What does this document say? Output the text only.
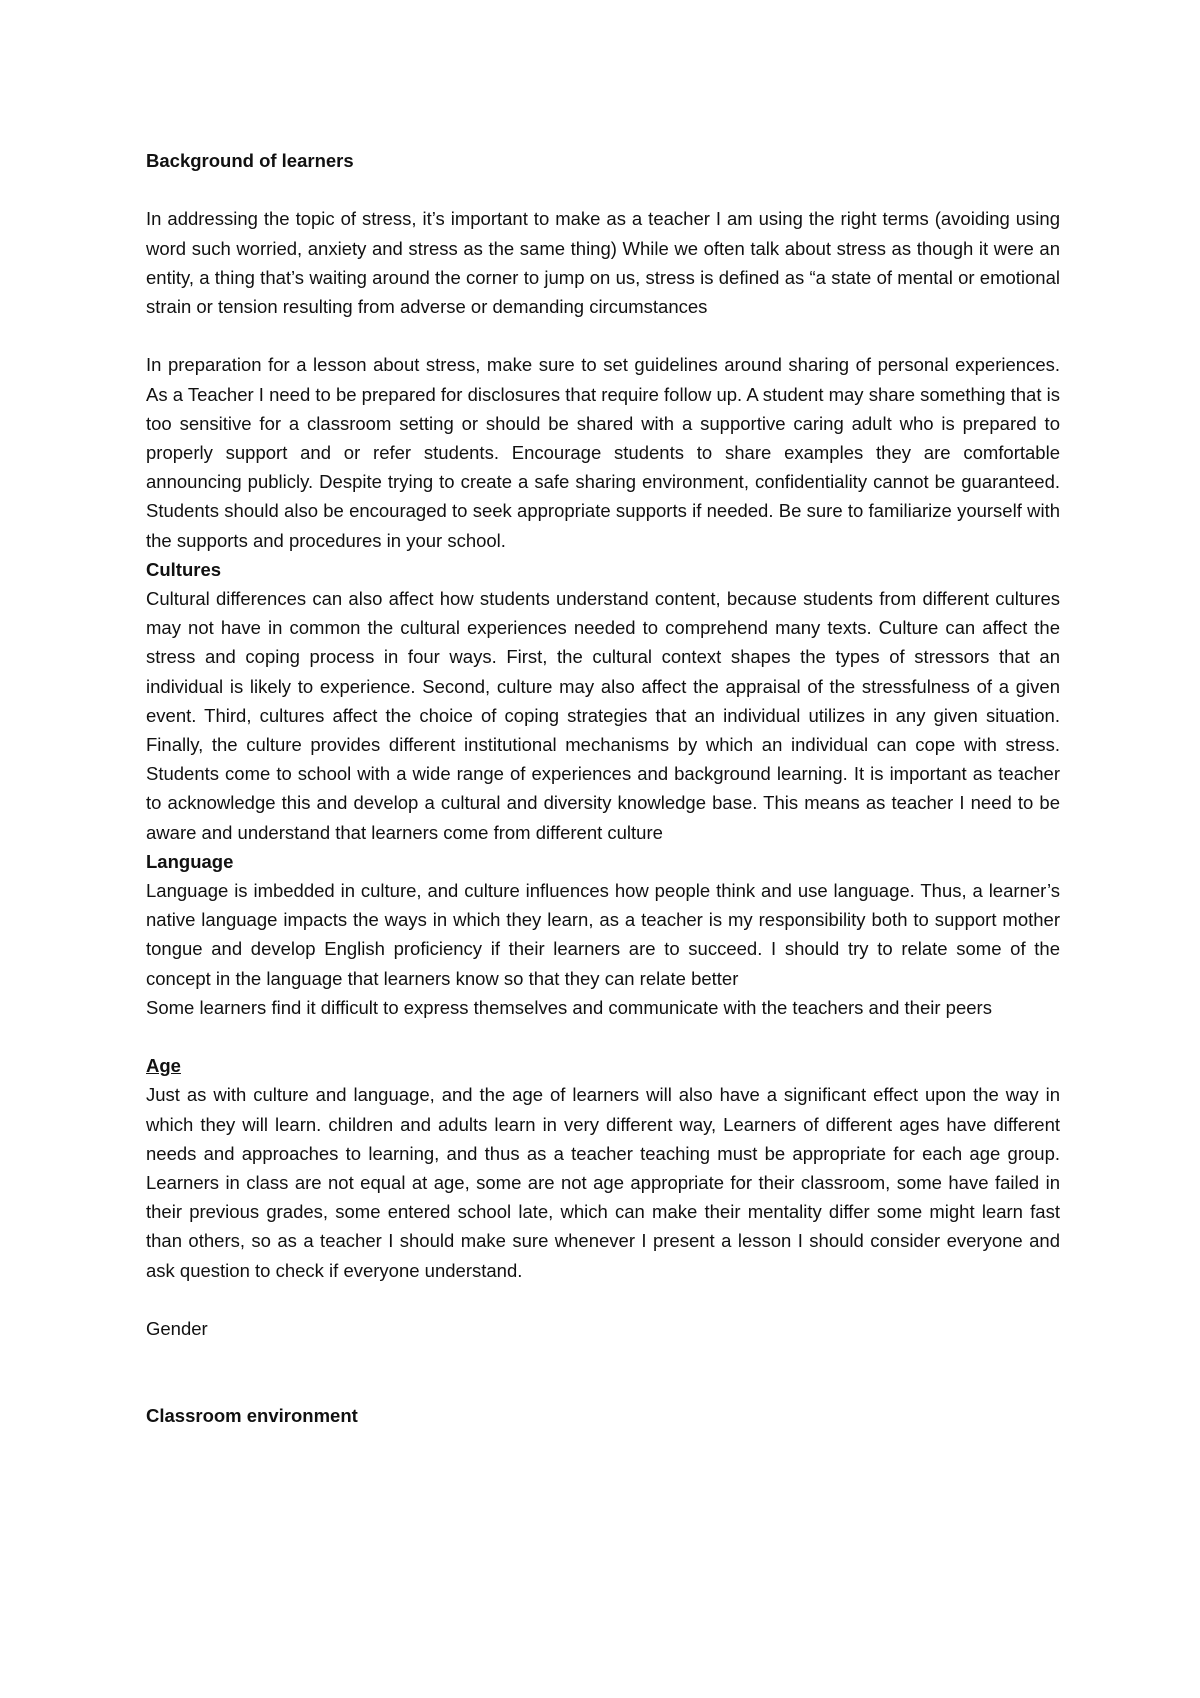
Background of learners

In addressing the topic of stress, it’s important to make as a teacher I am using the right terms (avoiding using word such worried, anxiety and stress as the same thing) While we often talk about stress as though it were an entity, a thing that’s waiting around the corner to jump on us, stress is defined as “a state of mental or emotional strain or tension resulting from adverse or demanding circumstances

In preparation for a lesson about stress, make sure to set guidelines around sharing of personal experiences. As a Teacher I need to be prepared for disclosures that require follow up. A student may share something that is too sensitive for a classroom setting or should be shared with a supportive caring adult who is prepared to properly support and or refer students. Encourage students to share examples they are comfortable announcing publicly. Despite trying to create a safe sharing environment, confidentiality cannot be guaranteed. Students should also be encouraged to seek appropriate supports if needed. Be sure to familiarize yourself with the supports and procedures in your school.

Cultures

Cultural differences can also affect how students understand content, because students from different cultures may not have in common the cultural experiences needed to comprehend many texts. Culture can affect the stress and coping process in four ways. First, the cultural context shapes the types of stressors that an individual is likely to experience. Second, culture may also affect the appraisal of the stressfulness of a given event. Third, cultures affect the choice of coping strategies that an individual utilizes in any given situation. Finally, the culture provides different institutional mechanisms by which an individual can cope with stress. Students come to school with a wide range of experiences and background learning. It is important as teacher to acknowledge this and develop a cultural and diversity knowledge base. This means as teacher I need to be aware and understand that learners come from different culture

Language

Language is imbedded in culture, and culture influences how people think and use language. Thus, a learner’s native language impacts the ways in which they learn, as a teacher is my responsibility both to support mother tongue and develop English proficiency if their learners are to succeed. I should try to relate some of the concept in the language that learners know so that they can relate better

Some learners find it difficult to express themselves and communicate with the teachers and their peers

Age

Just as with culture and language, and the age of learners will also have a significant effect upon the way in which they will learn. children and adults learn in very different way, Learners of different ages have different needs and approaches to learning, and thus as a teacher teaching must be appropriate for each age group. Learners in class are not equal at age, some are not age appropriate for their classroom, some have failed in their previous grades, some entered school late, which can make their mentality differ some might learn fast than others, so as a teacher I should make sure whenever I present a lesson I should consider everyone and ask question to check if everyone understand.

Gender

Classroom environment
